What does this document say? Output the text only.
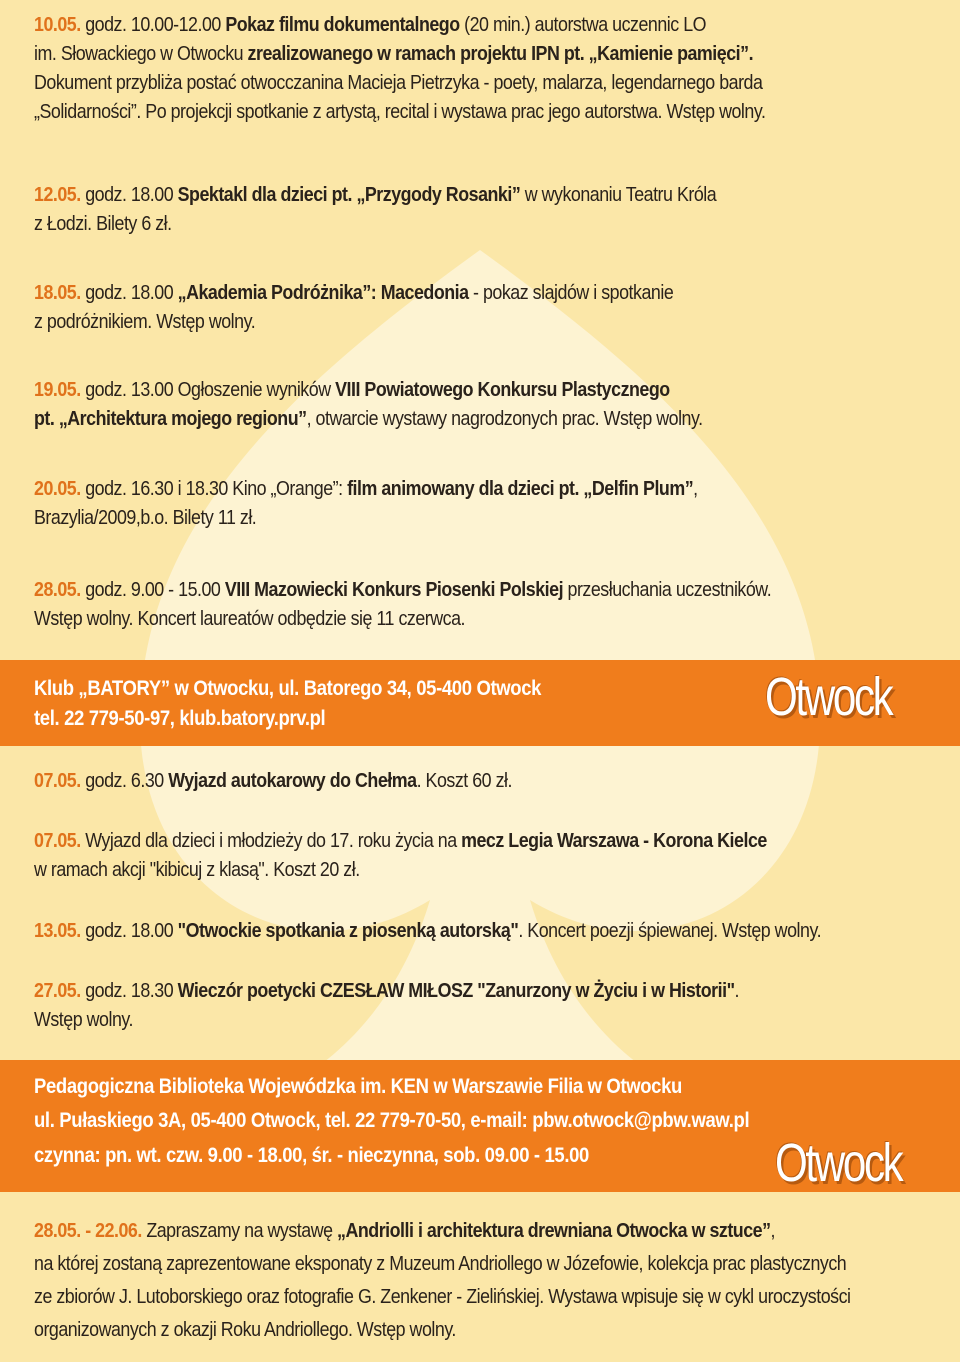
10.05. godz. 10.00-12.00 Pokaz filmu dokumentalnego (20 min.) autorstwa uczennic LO
im. Słowackiego w Otwocku zrealizowanego w ramach projektu IPN pt. „Kamienie pamięci”.
Dokument przybliża postać otwocczanina Macieja Pietrzyka - poety, malarza, legendarnego barda
„Solidarności”. Po projekcji spotkanie z artystą, recital i wystawa prac jego autorstwa. Wstęp wolny.
12.05. godz. 18.00 Spektakl dla dzieci pt. „Przygody Rosanki” w wykonaniu Teatru Króla
z Łodzi. Bilety 6 zł.
18.05. godz. 18.00 „Akademia Podróżnika”: Macedonia - pokaz slajdów i spotkanie
z podróżnikiem. Wstęp wolny.
19.05. godz. 13.00 Ogłoszenie wyników VIII Powiatowego Konkursu Plastycznego
pt. „Architektura mojego regionu”, otwarcie wystawy nagrodzonych prac. Wstęp wolny.
20.05. godz. 16.30 i 18.30 Kino „Orange”: film animowany dla dzieci pt. „Delfin Plum”,
Brazylia/2009,b.o. Bilety 11 zł.
28.05. godz. 9.00 - 15.00 VIII Mazowiecki Konkurs Piosenki Polskiej przesłuchania uczestników.
Wstęp wolny. Koncert laureatów odbędzie się 11 czerwca.
Klub „BATORY” w Otwocku, ul. Batorego 34, 05-400 Otwock
tel. 22 779-50-97, klub.batory.prv.pl	Otwock
07.05. godz. 6.30 Wyjazd autokarowy do Chełma. Koszt 60 zł.
07.05. Wyjazd dla dzieci i młodzieży do 17. roku życia na mecz Legia Warszawa - Korona Kielce
w ramach akcji "kibicuj z klasą". Koszt 20 zł.
13.05. godz. 18.00 "Otwockie spotkania z piosenką autorską". Koncert poezji śpiewanej. Wstęp wolny.
27.05. godz. 18.30 Wieczór poetycki CZESŁAW MIŁOSZ "Zanurzony w Życiu i w Historii".
Wstęp wolny.
Pedagogiczna Biblioteka Wojewódzka im. KEN w Warszawie Filia w Otwocku
ul. Pułaskiego 3A, 05-400 Otwock, tel. 22 779-70-50, e-mail: pbw.otwock@pbw.waw.pl
czynna: pn. wt. czw. 9.00 - 18.00, śr. - nieczynna, sob. 09.00 - 15.00	Otwock
28.05. - 22.06. Zapraszamy na wystawę „Andriolli i architektura drewniana Otwocka w sztuce”,
na której zostaną zaprezentowane eksponaty z Muzeum Andriollego w Józefowie, kolekcja prac plastycznych
ze zbiorów J. Lutoborskiego oraz fotografie G. Zenkener - Zielińskiej. Wystawa wpisuje się w cykl uroczystości
organizowanych z okazji Roku Andriollego. Wstęp wolny.
